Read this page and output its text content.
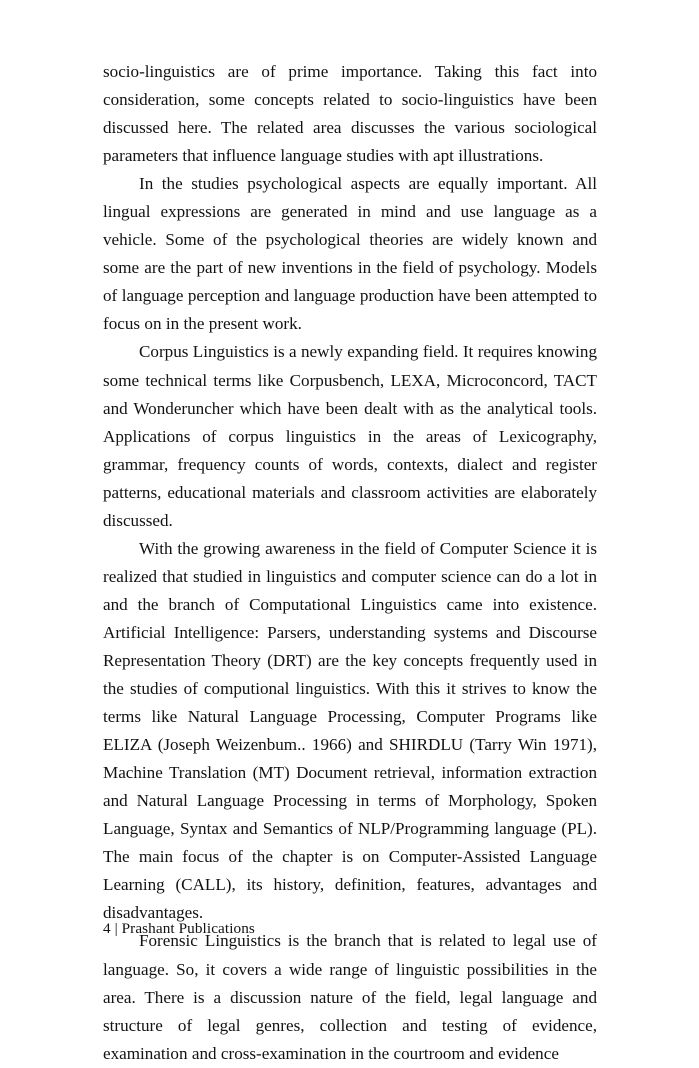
socio-linguistics are of prime importance. Taking this fact into consideration, some concepts related to socio-linguistics have been discussed here. The related area discusses the various sociological parameters that influence language studies with apt illustrations.

In the studies psychological aspects are equally important. All lingual expressions are generated in mind and use language as a vehicle. Some of the psychological theories are widely known and some are the part of new inventions in the field of psychology. Models of language perception and language production have been attempted to focus on in the present work.

Corpus Linguistics is a newly expanding field. It requires knowing some technical terms like Corpusbench, LEXA, Microconcord, TACT and Wonderuncher which have been dealt with as the analytical tools. Applications of corpus linguistics in the areas of Lexicography, grammar, frequency counts of words, contexts, dialect and register patterns, educational materials and classroom activities are elaborately discussed.

With the growing awareness in the field of Computer Science it is realized that studied in linguistics and computer science can do a lot in and the branch of Computational Linguistics came into existence. Artificial Intelligence: Parsers, understanding systems and Discourse Representation Theory (DRT) are the key concepts frequently used in the studies of computional linguistics. With this it strives to know the terms like Natural Language Processing, Computer Programs like ELIZA (Joseph Weizenbum.. 1966) and SHIRDLU (Tarry Win 1971), Machine Translation (MT) Document retrieval, information extraction and Natural Language Processing in terms of Morphology, Spoken Language, Syntax and Semantics of NLP/Programming language (PL). The main focus of the chapter is on Computer-Assisted Language Learning (CALL), its history, definition, features, advantages and disadvantages.

Forensic Linguistics is the branch that is related to legal use of language. So, it covers a wide range of linguistic possibilities in the area. There is a discussion nature of the field, legal language and structure of legal genres, collection and testing of evidence, examination and cross-examination in the courtroom and evidence

4 | Prashant Publications
